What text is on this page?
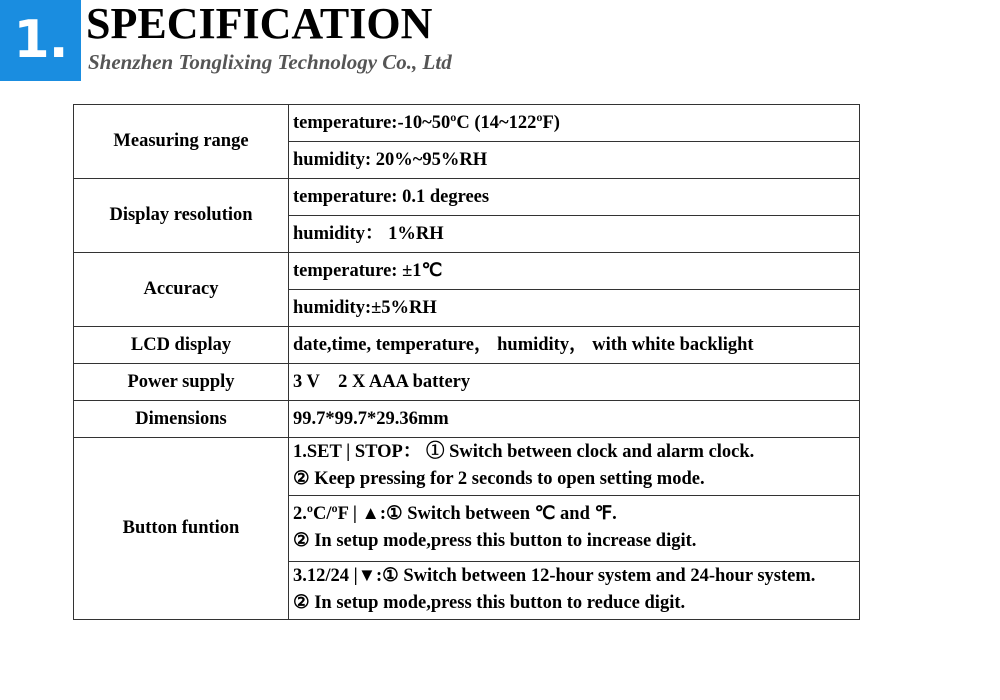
1. SPECIFICATION
Shenzhen Tonglixing Technology Co., Ltd
Measuring range	temperature:-10~50ºC (14~122ºF)
	humidity: 20%~95%RH
Display resolution	temperature: 0.1 degrees
	humidity： 1%RH
Accuracy	temperature: ±1℃
	humidity:±5%RH
LCD display	date,time, temperature， humidity， with white backlight
Power supply	3 V    2 X AAA battery
Dimensions	99.7*99.7*29.36mm
Button funtion	1.SET | STOP： ① Switch between clock and alarm clock.
② Keep pressing for 2 seconds to open setting mode.

	2.ºC/ºF | ▲:① Switch between ℃ and ℉.
② In setup mode,press this button to increase digit.

	3.12/24 |▼:① Switch between 12-hour system and 24-hour system.
② In setup mode,press this button to reduce digit.
